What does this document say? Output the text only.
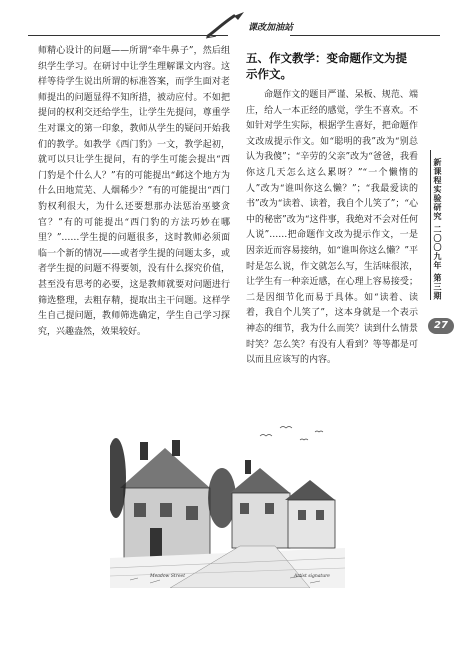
课改加油站

师精心设计的问题——所谓“牵牛鼻子”，然后组织学生学习。在研讨中让学生理解课文内容。这样等待学生说出所谓的标准答案，而学生面对老师提出的问题显得不知所措，被动应付。不如把提问的权利交还给学生，让学生先提问，尊重学生对课文的第一印象，教师从学生的疑问开始我们的教学。如教学《西门豹》一文，教学起初，就可以只让学生提问，有的学生可能会提出“西门豹是个什么人？”有的可能提出“邺这个地方为什么田地荒芜、人烟稀少？”有的可能提出“西门豹权利很大，为什么还要想那办法惩治巫婆贪官？”有的可能提出“西门豹的方法巧妙在哪里？”……学生提的问题很多，这时教师必须面临一个新的情况——或者学生提的问题太多，或者学生提的问题不得要领，没有什么探究价值，甚至没有思考的必要，这是教师就要对问题进行筛选整理，去粗存精，提取出主干问题。这样学生自己提问题，教师筛选确定，学生自己学习探究，兴趣盎然，效果较好。

五、作文教学：变命题作文为提示作文。

命题作文的题目严谨、呆板、规范、端庄，给人一本正经的感觉，学生不喜欢。不如针对学生实际，根据学生喜好，把命题作文改成提示作文。如“聪明的我”改为“别总认为我傻”；“辛劳的父亲”改为“爸爸，我看你这几天怎么这么累呀？”“一个懒惰的人”改为“谁叫你这么懒？”；“我最爱读的书”改为“读着、读着，我自个儿笑了”；“心中的秘密”改为“这件事，我绝对不会对任何人说”……把命题作文改为提示作文，一是因亲近而容易接纳，如“谁叫你这么懒？”平时是怎么说，作文就怎么写，生活味很浓，让学生有一种亲近感，在心理上容易接受；二是因细节化而易于具体。如“读着、读着，我自个儿笑了”，这本身就是一个表示神态的细节，我为什么而笑？读到什么情景时笑？怎么笑？有没有人看到？等等都是可以而且应该写的内容。

新课程实验研究 二〇〇九年 第三期
27
Meadow Street	Artist signature
